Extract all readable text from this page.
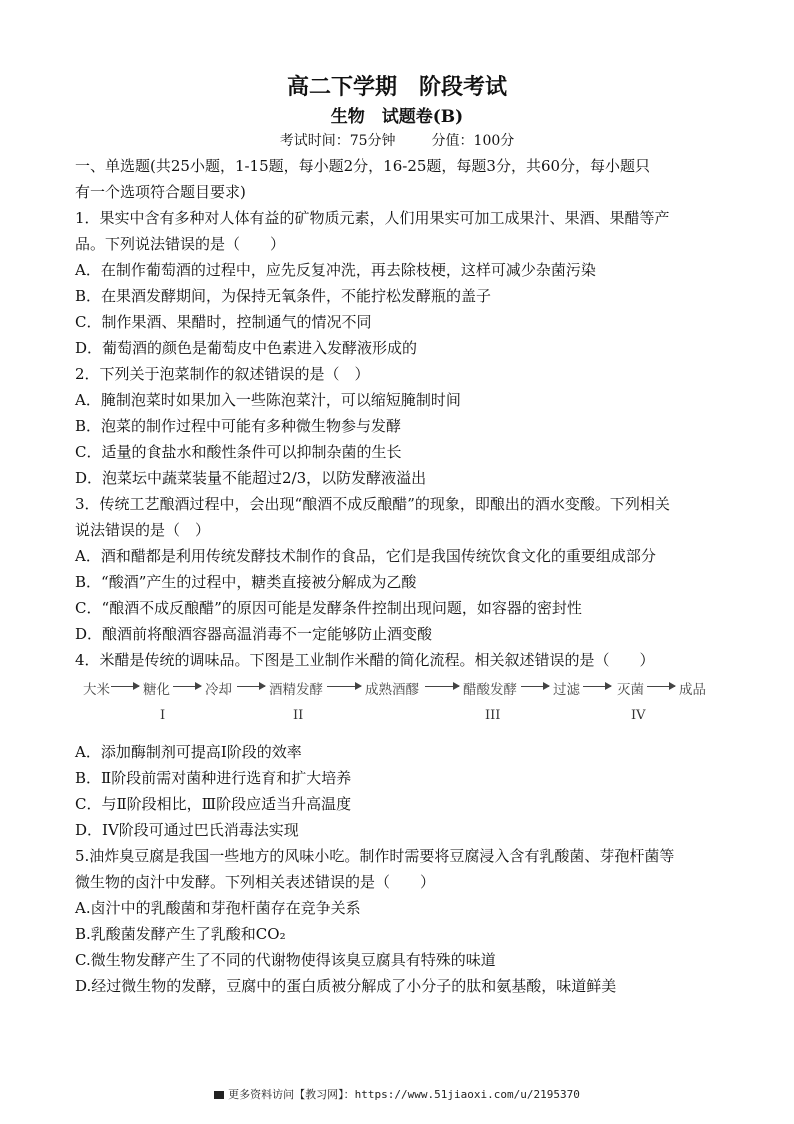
高二下学期　阶段考试
生物　试题卷(B)
考试时间：75分钟	分值：100分
一、单选题(共25小题，1-15题，每小题2分，16-25题，每题3分，共60分，每小题只
有一个选项符合题目要求)
1．果实中含有多种对人体有益的矿物质元素，人们用果实可加工成果汁、果酒、果醋等产
品。下列说法错误的是（　　）
A．在制作葡萄酒的过程中，应先反复冲洗，再去除枝梗，这样可减少杂菌污染
B．在果酒发酵期间，为保持无氧条件，不能拧松发酵瓶的盖子
C．制作果酒、果醋时，控制通气的情况不同
D．葡萄酒的颜色是葡萄皮中色素进入发酵液形成的
2．下列关于泡菜制作的叙述错误的是（　）
A．腌制泡菜时如果加入一些陈泡菜汁，可以缩短腌制时间
B．泡菜的制作过程中可能有多种微生物参与发酵
C．适量的食盐水和酸性条件可以抑制杂菌的生长
D．泡菜坛中蔬菜装量不能超过2/3，以防发酵液溢出
3．传统工艺酿酒过程中，会出现“酿酒不成反酿醋”的现象，即酿出的酒水变酸。下列相关
说法错误的是（　）
A．酒和醋都是利用传统发酵技术制作的食品，它们是我国传统饮食文化的重要组成部分
B．“酸酒”产生的过程中，糖类直接被分解成为乙酸
C．“酿酒不成反酿醋”的原因可能是发酵条件控制出现问题，如容器的密封性
D．酿酒前将酿酒容器高温消毒不一定能够防止酒变酸
4．米醋是传统的调味品。下图是工业制作米醋的简化流程。相关叙述错误的是（　　）
大米 糖化	冷却	酒精发酵	成熟酒醪	醋酸发酵	过滤	灭菌	成品
I	II	III	IV
A．添加酶制剂可提高I阶段的效率
B．Ⅱ阶段前需对菌种进行选育和扩大培养
C．与Ⅱ阶段相比，Ⅲ阶段应适当升高温度
D．IV阶段可通过巴氏消毒法实现
5.油炸臭豆腐是我国一些地方的风味小吃。制作时需要将豆腐浸入含有乳酸菌、芽孢杆菌等
微生物的卤汁中发酵。下列相关表述错误的是（　　）
A.卤汁中的乳酸菌和芽孢杆菌存在竞争关系
B.乳酸菌发酵产生了乳酸和CO₂
C.微生物发酵产生了不同的代谢物使得该臭豆腐具有特殊的味道
D.经过微生物的发酵，豆腐中的蛋白质被分解成了小分子的肽和氨基酸，味道鲜美
更多资料访问【教习网】：https://www.51jiaoxi.com/u/2195370
